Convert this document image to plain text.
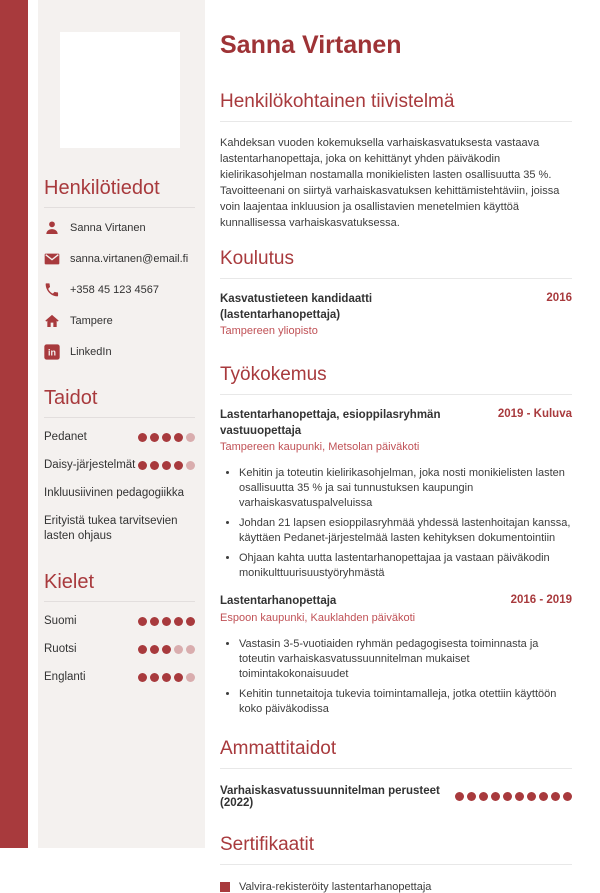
Henkilötiedot
Sanna Virtanen
sanna.virtanen@email.fi
+358 45 123 4567
Tampere
in LinkedIn
Taidot
Pedanet
Daisy-järjestelmät
Inkluusiivinen pedagogiikka
Erityistä tukea tarvitsevien lasten ohjaus
Kielet
Suomi
Ruotsi
Englanti
Sanna Virtanen
Henkilökohtainen tiivistelmä

Kahdeksan vuoden kokemuksella varhaiskasvatuksesta vastaava lastentarhanopettaja, joka on kehittänyt yhden päiväkodin kielirikasohjelman nostamalla monikielisten lasten osallisuutta 35 %. Tavoitteenani on siirtyä varhaiskasvatuksen kehittämistehtäviin, joissa voin laajentaa inkluusion ja osallistavien menetelmien käyttöä kunnallisessa varhaiskasvatuksessa.

Koulutus
Kasvatustieteen kandidaatti (lastentarhanopettaja)
2016
Tampereen yliopisto
Työkokemus
Lastentarhanopettaja, esioppilasryhmän vastuuopettaja
2019 - Kuluva
Tampereen kaupunki, Metsolan päiväkoti
• Kehitin ja toteutin kielirikasohjelman, joka nosti monikielisten lasten osallisuutta 35 % ja sai tunnustuksen kaupungin varhaiskasvatuspalveluissa
• Johdan 21 lapsen esioppilasryhmää yhdessä lastenhoitajan kanssa, käyttäen Pedanet-järjestelmää lasten kehityksen dokumentointiin
• Ohjaan kahta uutta lastentarhanopettajaa ja vastaan päiväkodin monikulttuurisuustyöryhmästä
Lastentarhanopettaja	2016 - 2019
Espoon kaupunki, Kauklahden päiväkoti
• Vastasin 3-5-vuotiaiden ryhmän pedagogisesta toiminnasta ja toteutin varhaiskasvatussuunnitelman mukaiset toimintakokonaisuudet
• Kehitin tunnetaitoja tukevia toimintamalleja, jotka otettiin käyttöön koko päiväkodissa
Ammattitaidot
Varhaiskasvatussuunnitelman perusteet (2022)
Sertifikaatit
Valvira-rekisteröity lastentarhanopettaja
